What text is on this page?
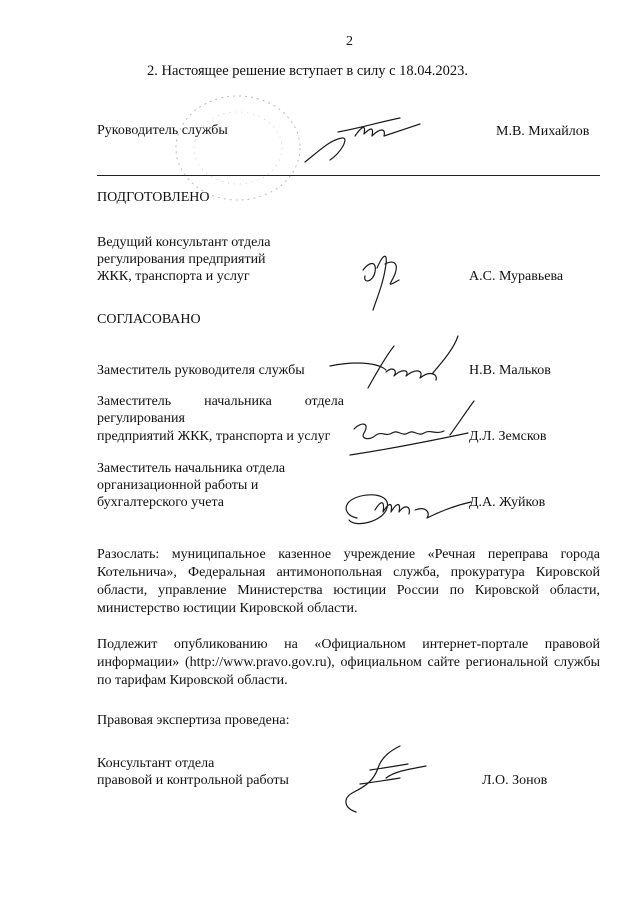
2
2. Настоящее решение вступает в силу с 18.04.2023.
Руководитель службы	М.В. Михайлов
ПОДГОТОВЛЕНО
Ведущий консультант отдела
регулирования предприятий
ЖКК, транспорта и услуг	А.С. Муравьева
СОГЛАСОВАНО
Заместитель руководителя службы	Н.В. Мальков
Заместитель начальника отдела
регулирования
предприятий ЖКК, транспорта и услуг	Д.Л. Земсков
Заместитель начальника отдела
организационной работы и
бухгалтерского учета	Д.А. Жуйков
Разослать: муниципальное казенное учреждение «Речная переправа города Котельнича», Федеральная антимонопольная служба, прокуратура Кировской области, управление Министерства юстиции России по Кировской области, министерство юстиции Кировской области.
Подлежит опубликованию на «Официальном интернет-портале правовой информации» (http://www.pravo.gov.ru), официальном сайте региональной службы по тарифам Кировской области.
Правовая экспертиза проведена:
Консультант отдела
правовой и контрольной работы	Л.О. Зонов
